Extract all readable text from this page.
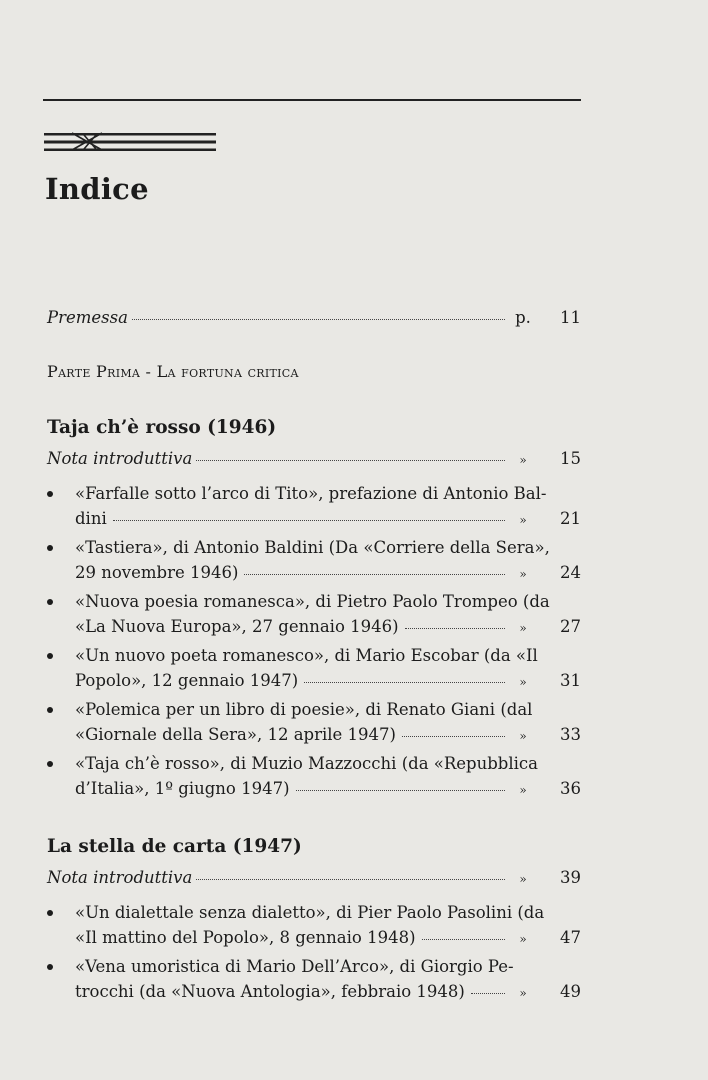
Indice
Premessa	p.	11
Parte Prima - La fortuna critica
Taja ch’è rosso (1946)
Nota introduttiva	»	15
«Farfalle sotto l’arco di Tito», prefazione di Antonio Bal-
dini	»	21
«Tastiera», di Antonio Baldini (Da «Corriere della Sera»,
29 novembre 1946)	»	24
«Nuova poesia romanesca», di Pietro Paolo Trompeo (da
«La Nuova Europa», 27 gennaio 1946)	»	27
«Un nuovo poeta romanesco», di Mario Escobar (da «Il
Popolo», 12 gennaio 1947)	»	31
«Polemica per un libro di poesie», di Renato Giani (dal
«Giornale della Sera», 12 aprile 1947)	»	33
«Taja ch’è rosso», di Muzio Mazzocchi (da «Repubblica
d’Italia», 1º giugno 1947)	»	36
La stella de carta (1947)
Nota introduttiva	»	39
«Un dialettale senza dialetto», di Pier Paolo Pasolini (da
«Il mattino del Popolo», 8 gennaio 1948)	»	47
«Vena umoristica di Mario Dell’Arco», di Giorgio Pe-
trocchi (da «Nuova Antologia», febbraio 1948)	»	49
